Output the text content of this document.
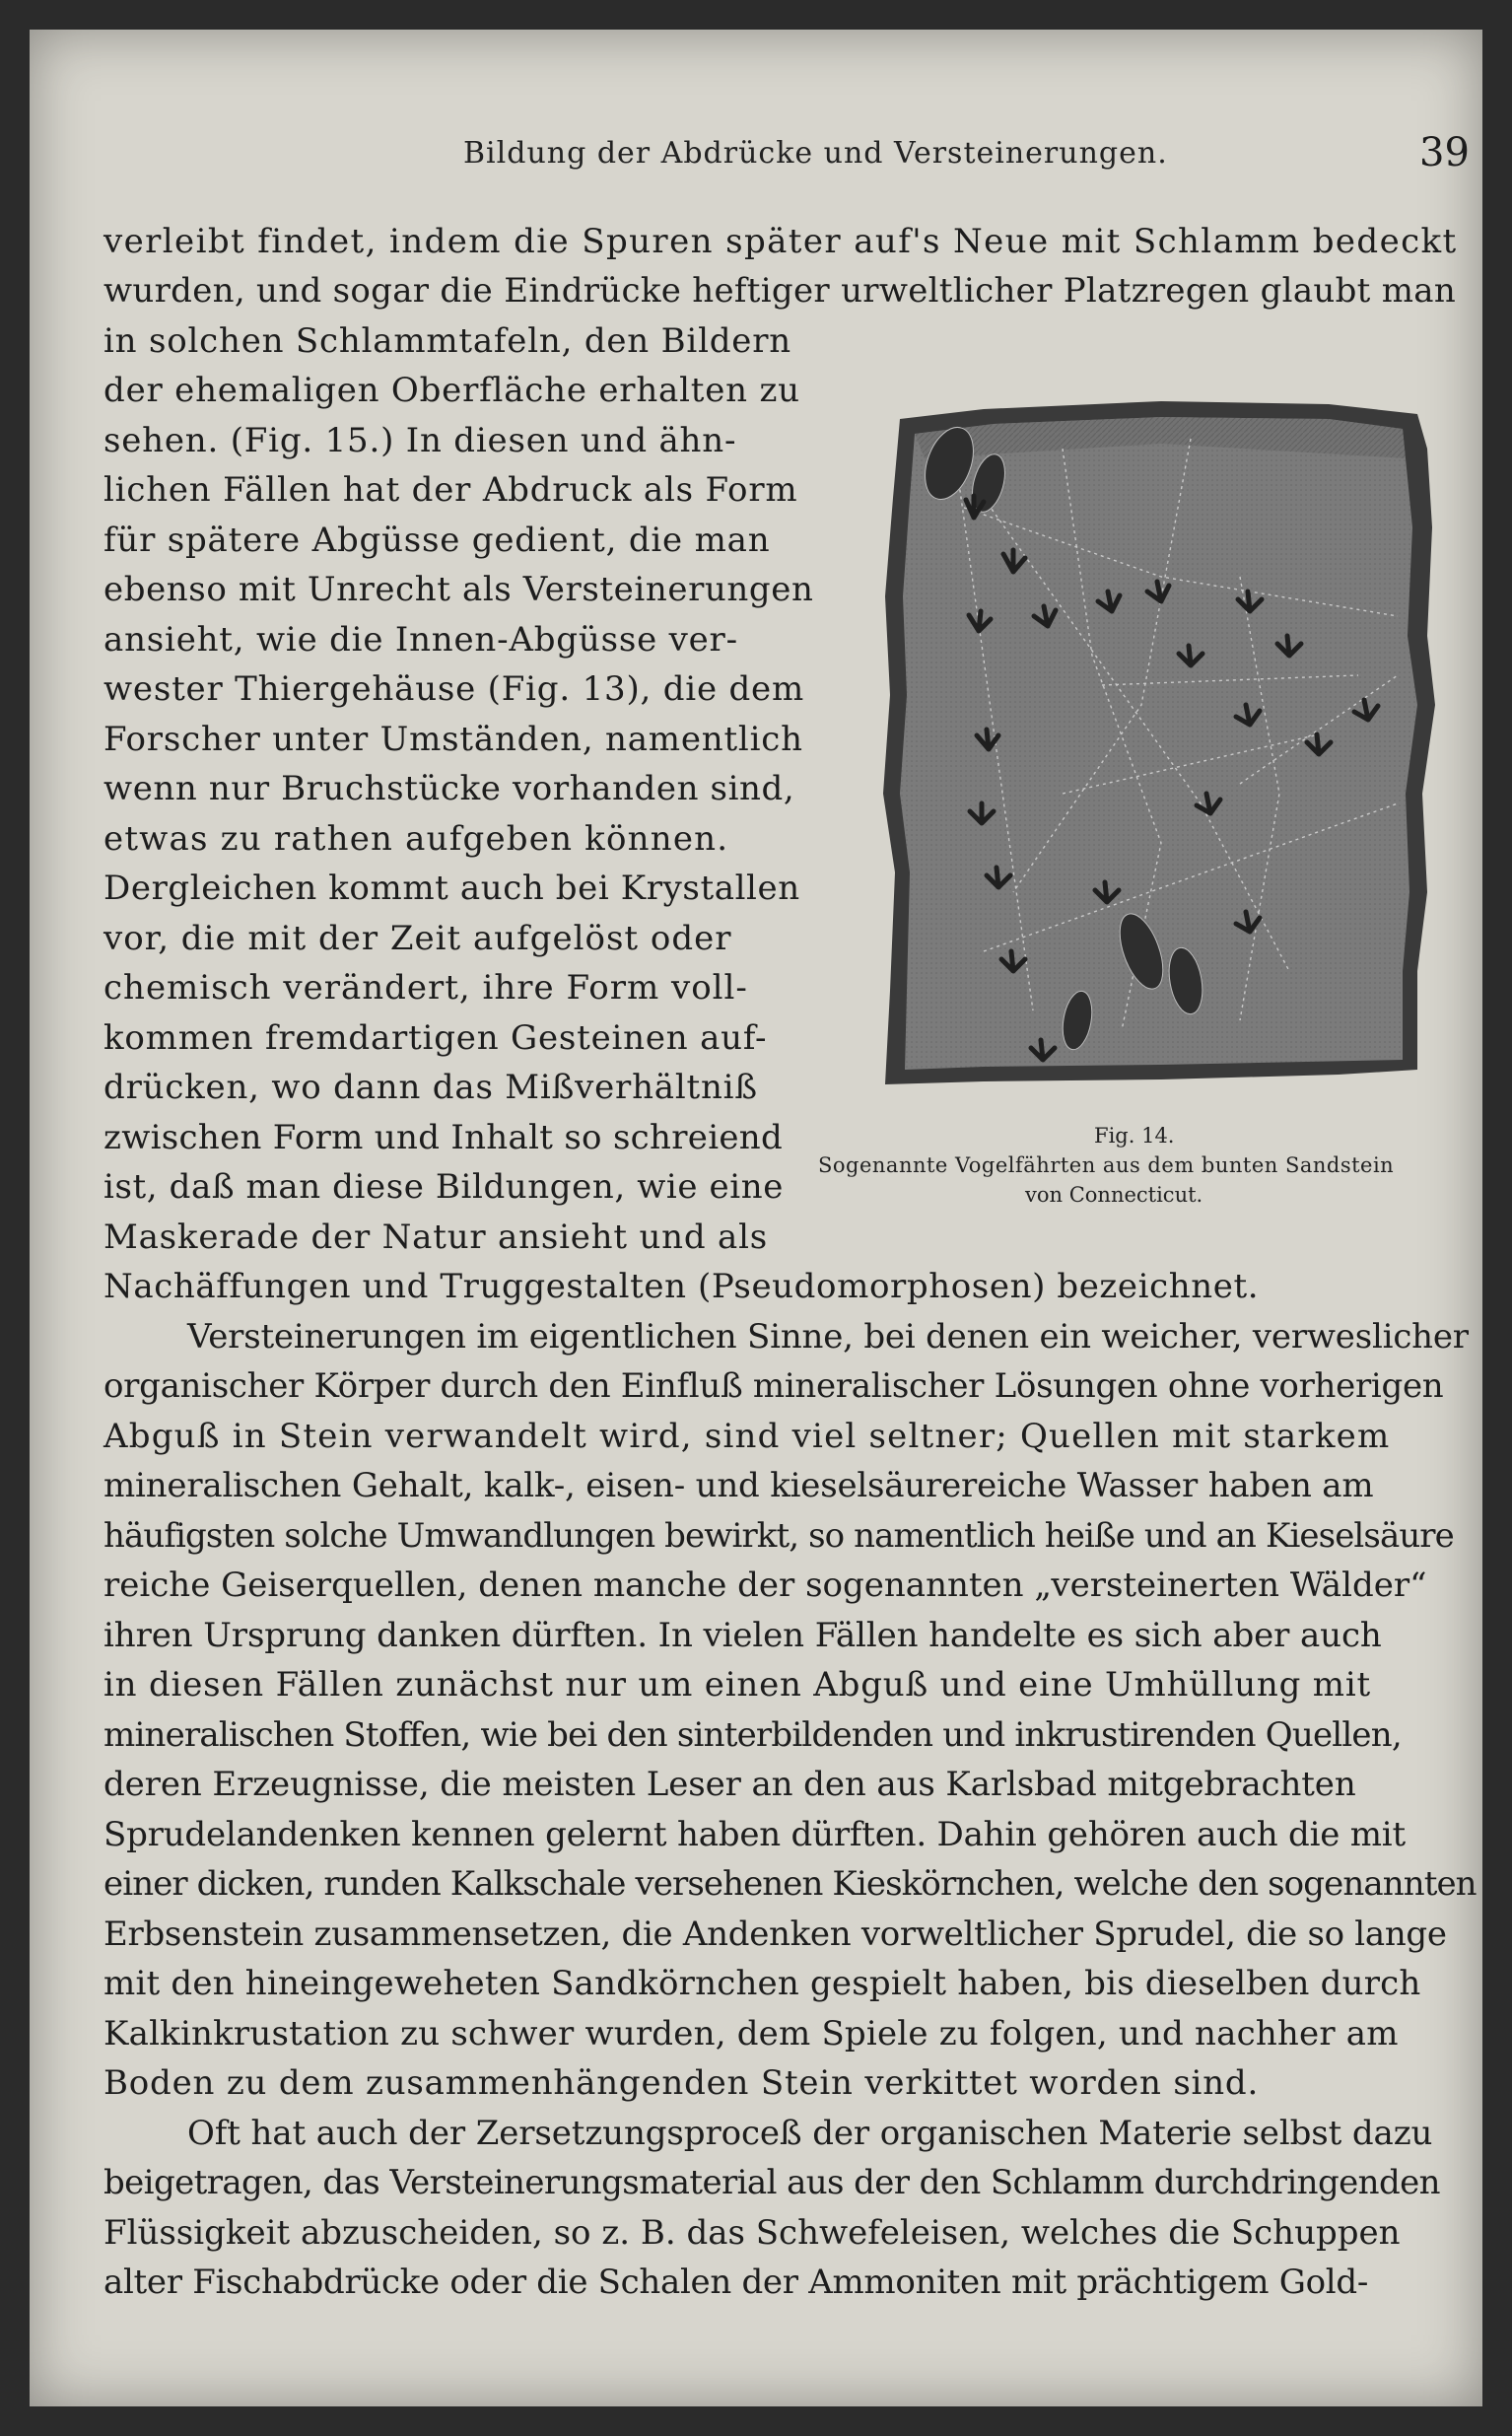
Bildung der Abdrücke und Versteinerungen.	39
verleibt findet, indem die Spuren später auf's Neue mit Schlamm bedeckt
wurden, und sogar die Eindrücke heftiger urweltlicher Platzregen glaubt man
in solchen Schlammtafeln, den Bildern
der ehemaligen Oberfläche erhalten zu
sehen. (Fig. 15.) In diesen und ähn-
lichen Fällen hat der Abdruck als Form
für spätere Abgüsse gedient, die man
ebenso mit Unrecht als Versteinerungen
ansieht, wie die Innen-Abgüsse ver-
wester Thiergehäuse (Fig. 13), die dem
Forscher unter Umständen, namentlich
wenn nur Bruchstücke vorhanden sind,
etwas zu rathen aufgeben können.
Dergleichen kommt auch bei Krystallen
vor, die mit der Zeit aufgelöst oder
chemisch verändert, ihre Form voll-
kommen fremdartigen Gesteinen auf-
drücken, wo dann das Mißverhältniß
zwischen Form und Inhalt so schreiend
ist, daß man diese Bildungen, wie eine
Maskerade der Natur ansieht und als
Nachäffungen und Truggestalten (Pseudomorphosen) bezeichnet.
Versteinerungen im eigentlichen Sinne, bei denen ein weicher, verweslicher
organischer Körper durch den Einfluß mineralischer Lösungen ohne vorherigen
Abguß in Stein verwandelt wird, sind viel seltner; Quellen mit starkem
mineralischen Gehalt, kalk-, eisen- und kieselsäurereiche Wasser haben am
häufigsten solche Umwandlungen bewirkt, so namentlich heiße und an Kieselsäure
reiche Geiserquellen, denen manche der sogenannten „versteinerten Wälder“
ihren Ursprung danken dürften. In vielen Fällen handelte es sich aber auch
in diesen Fällen zunächst nur um einen Abguß und eine Umhüllung mit
mineralischen Stoffen, wie bei den sinterbildenden und inkrustirenden Quellen,
deren Erzeugnisse, die meisten Leser an den aus Karlsbad mitgebrachten
Sprudelandenken kennen gelernt haben dürften. Dahin gehören auch die mit
einer dicken, runden Kalkschale versehenen Kieskörnchen, welche den sogenannten
Erbsenstein zusammensetzen, die Andenken vorweltlicher Sprudel, die so lange
mit den hineingeweheten Sandkörnchen gespielt haben, bis dieselben durch
Kalkinkrustation zu schwer wurden, dem Spiele zu folgen, und nachher am
Boden zu dem zusammenhängenden Stein verkittet worden sind.
Oft hat auch der Zersetzungsproceß der organischen Materie selbst dazu
beigetragen, das Versteinerungsmaterial aus der den Schlamm durchdringenden
Flüssigkeit abzuscheiden, so z. B. das Schwefeleisen, welches die Schuppen
alter Fischabdrücke oder die Schalen der Ammoniten mit prächtigem Gold-
Fig. 14.
Sogenannte Vogelfährten aus dem bunten Sandstein
von Connecticut.
